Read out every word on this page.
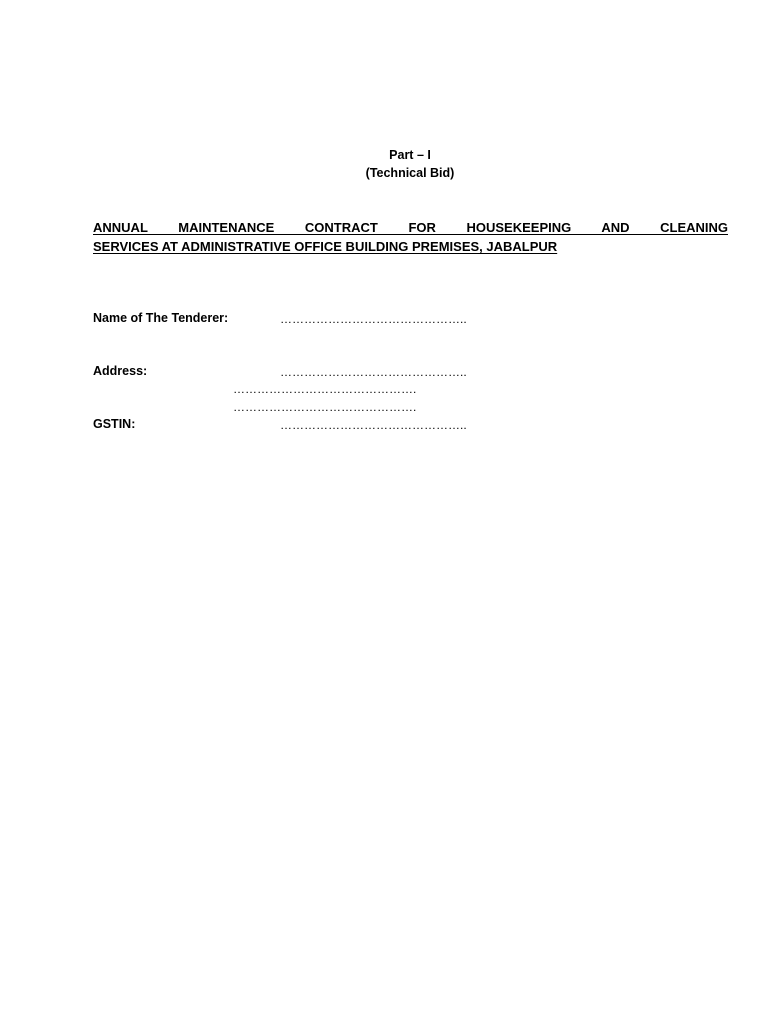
Part – I
(Technical Bid)
ANNUAL MAINTENANCE CONTRACT FOR HOUSEKEEPING AND CLEANING
SERVICES AT ADMINISTRATIVE OFFICE BUILDING PREMISES, JABALPUR
Name of The Tenderer:	………………………………………..
Address:	………………………………………..
……………………………………….
……………………………………….
GSTIN:	………………………………………..
